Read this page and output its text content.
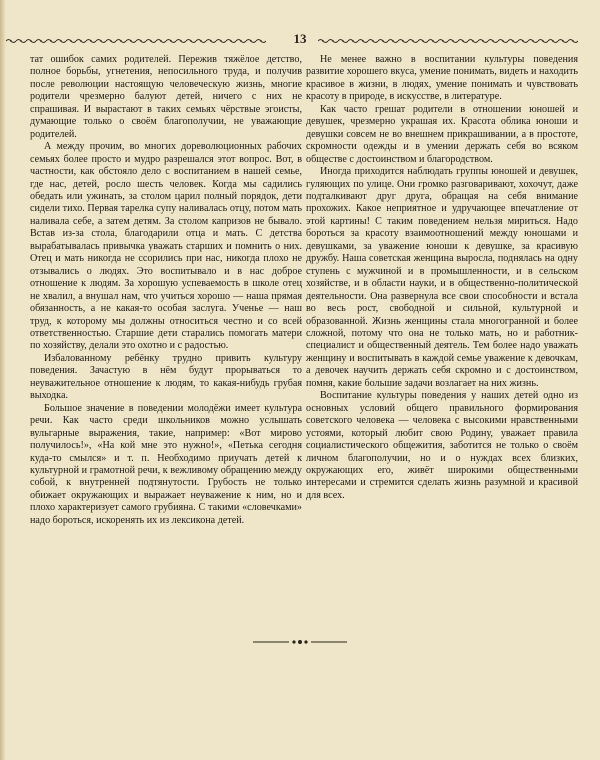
13

тат ошибок самих родителей. Пережив тяжёлое детство, полное борьбы, угнетения, непосильного труда, и получив после революции настоящую человеческую жизнь, многие родители чрезмерно балуют детей, ничего с них не спрашивая. И вырастают в таких семьях чёрствые эгоисты, думающие только о своём благополучии, не уважающие родителей.

А между прочим, во многих дореволюционных рабочих семьях более просто и мудро разрешался этот вопрос. Вот, в частности, как обстояло дело с воспитанием в нашей семье, где нас, детей, росло шесть человек. Когда мы садились обедать или ужинать, за столом царил полный порядок, дети сидели тихо. Первая тарелка супу наливалась отцу, потом мать наливала себе, а затем детям. За столом капризов не бывало. Встав из-за стола, благодарили отца и мать. С детства вырабатывалась привычка уважать старших и помнить о них. Отец и мать никогда не ссорились при нас, никогда плохо не отзывались о людях. Это воспитывало и в нас доброе отношение к людям. За хорошую успеваемость в школе отец не хвалил, а внушал нам, что учиться хорошо — наша прямая обязанность, а не какая-то особая заслуга. Ученье — наш труд, к которому мы должны относиться честно и со всей ответственностью. Старшие дети старались помогать матери по хозяйству, делали это охотно и с радостью.

Избалованному ребёнку трудно привить культуру поведения. Зачастую в нём будут прорываться то неуважительное отношение к людям, то какая-нибудь грубая выходка.

Большое значение в поведении молодёжи имеет культура речи. Как часто среди школьников можно услышать вульгарные выражения, такие, например: «Вот мирово получилось!», «На кой мне это нужно!», «Петька сегодня куда-то смылся» и т. п. Необходимо приучать детей к культурной и грамотной речи, к вежливому обращению между собой, к внутренней подтянутости. Грубость не только обижает окружающих и выражает неуважение к ним, но и плохо характеризует самого грубияна. С такими «словечками» надо бороться, искоренять их из лексикона детей.

Не менее важно в воспитании культуры поведения развитие хорошего вкуса, умение понимать, видеть и находить красивое в жизни, в людях, умение понимать и чувствовать красоту в природе, в искусстве, в литературе.

Как часто грешат родители в отношении юношей и девушек, чрезмерно украшая их. Красота облика юноши и девушки совсем не во внешнем прикрашивании, а в простоте, скромности одежды и в умении держать себя во всяком обществе с достоинством и благородством.

Иногда приходится наблюдать группы юношей и девушек, гуляющих по улице. Они громко разговаривают, хохочут, даже подталкивают друг друга, обращая на себя внимание прохожих. Какое неприятное и удручающее впечатление от этой картины! С таким поведением нельзя мириться. Надо бороться за красоту взаимоотношений между юношами и девушками, за уважение юноши к девушке, за красивую дружбу. Наша советская женщина выросла, поднялась на одну ступень с мужчиной и в промышленности, и в сельском хозяйстве, и в области науки, и в общественно-политической деятельности. Она развернула все свои способности и встала во весь рост, свободной и сильной, культурной и образованной. Жизнь женщины стала многогранной и более сложной, потому что она не только мать, но и работник-специалист и общественный деятель. Тем более надо уважать женщину и воспитывать в каждой семье уважение к девочкам, а девочек научить держать себя скромно и с достоинством, помня, какие большие задачи возлагает на них жизнь.

Воспитание культуры поведения у наших детей одно из основных условий общего правильного формирования советского человека — человека с высокими нравственными устоями, который любит свою Родину, уважает правила социалистического общежития, заботится не только о своём личном благополучии, но и о нуждах всех близких, окружающих его, живёт широкими общественными интересами и стремится сделать жизнь разумной и красивой для всех.
